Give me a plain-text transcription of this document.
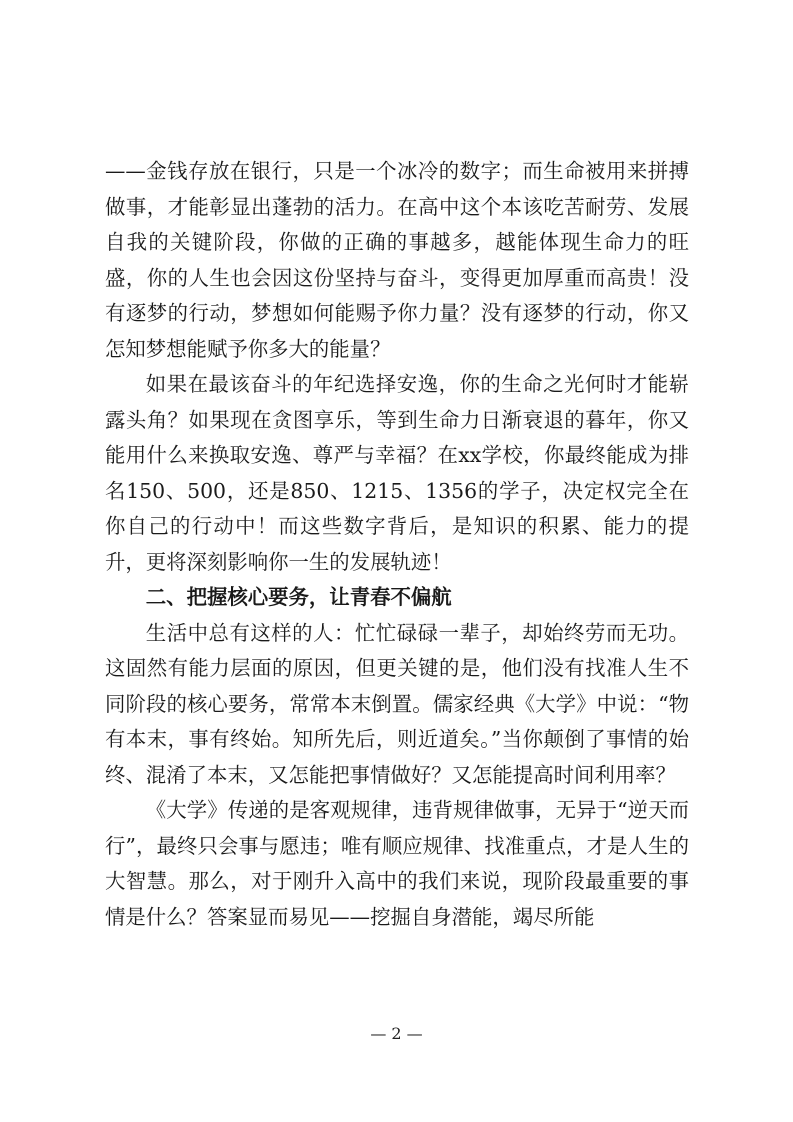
——金钱存放在银行，只是一个冰冷的数字；而生命被用来拼搏做事，才能彰显出蓬勃的活力。在高中这个本该吃苦耐劳、发展自我的关键阶段，你做的正确的事越多，越能体现生命力的旺盛，你的人生也会因这份坚持与奋斗，变得更加厚重而高贵！没有逐梦的行动，梦想如何能赐予你力量？没有逐梦的行动，你又怎知梦想能赋予你多大的能量？

如果在最该奋斗的年纪选择安逸，你的生命之光何时才能崭露头角？如果现在贪图享乐，等到生命力日渐衰退的暮年，你又能用什么来换取安逸、尊严与幸福？在xx学校，你最终能成为排名150、500，还是850、1215、1356的学子，决定权完全在你自己的行动中！而这些数字背后，是知识的积累、能力的提升，更将深刻影响你一生的发展轨迹！

二、把握核心要务，让青春不偏航

生活中总有这样的人：忙忙碌碌一辈子，却始终劳而无功。这固然有能力层面的原因，但更关键的是，他们没有找准人生不同阶段的核心要务，常常本末倒置。儒家经典《大学》中说：“物有本末，事有终始。知所先后，则近道矣。”当你颠倒了事情的始终、混淆了本末，又怎能把事情做好？又怎能提高时间利用率？

《大学》传递的是客观规律，违背规律做事，无异于“逆天而行”，最终只会事与愿违；唯有顺应规律、找准重点，才是人生的大智慧。那么，对于刚升入高中的我们来说，现阶段最重要的事情是什么？答案显而易见——挖掘自身潜能，竭尽所能

— 2 —
